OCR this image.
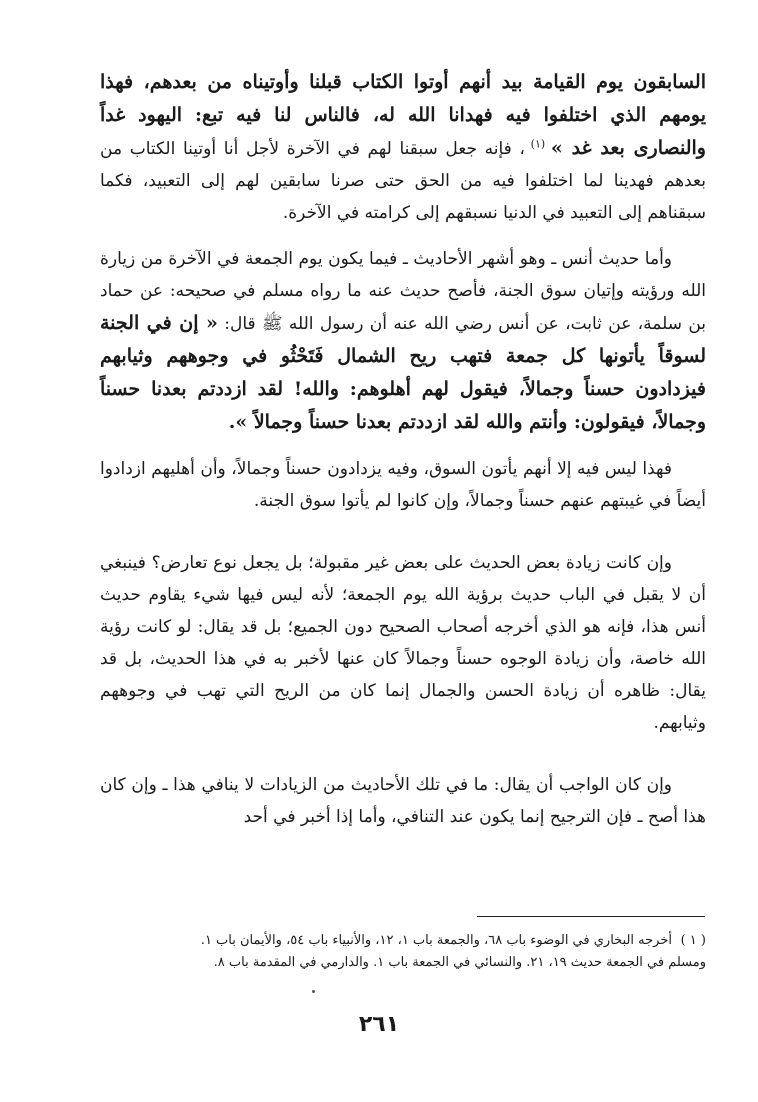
السابقون يوم القيامة بيد أنهم أوتوا الكتاب قبلنا وأوتيناه من بعدهم، فهذا يومهم الذي اختلفوا فيه فهدانا الله له، فالناس لنا فيه تبع: اليهود غداً والنصارى بعد غد » $^{(١)}$ ، فإنه جعل سبقنا لهم في الآخرة لأجل أنا أوتينا الكتاب من بعدهم فهدينا لما اختلفوا فيه من الحق حتى صرنا سابقين لهم إلى التعبيد، فكما سبقناهم إلى التعبيد في الدنيا نسبقهم إلى كرامته في الآخرة.

وأما حديث أنس ـ وهو أشهر الأحاديث ـ فيما يكون يوم الجمعة في الآخرة من زيارة الله ورؤيته وإتيان سوق الجنة، فأصح حديث عنه ما رواه مسلم في صحيحه: عن حماد بن سلمة، عن ثابت، عن أنس رضي الله عنه أن رسول الله ﷺ قال: « إن في الجنة لسوقاً يأتونها كل جمعة فتهب ريح الشمال فَتَحْثُو في وجوههم وثيابهم فيزدادون حسناً وجمالاً، فيقول لهم أهلوهم: والله! لقد ازددتم بعدنا حسناً وجمالاً، فيقولون: وأنتم والله لقد ازددتم بعدنا حسناً وجمالاً ».

فهذا ليس فيه إلا أنهم يأتون السوق، وفيه يزدادون حسناً وجمالاً، وأن أهليهم ازدادوا أيضاً في غيبتهم عنهم حسناً وجمالاً، وإن كانوا لم يأتوا سوق الجنة.

وإن كانت زيادة بعض الحديث على بعض غير مقبولة؛ بل يجعل نوع تعارض؟ فينبغي أن لا يقبل في الباب حديث برؤية الله يوم الجمعة؛ لأنه ليس فيها شيء يقاوم حديث أنس هذا، فإنه هو الذي أخرجه أصحاب الصحيح دون الجميع؛ بل قد يقال: لو كانت رؤية الله خاصة، وأن زيادة الوجوه حسناً وجمالاً كان عنها لأخبر به في هذا الحديث، بل قد يقال: ظاهره أن زيادة الحسن والجمال إنما كان من الريح التي تهب في وجوههم وثيابهم.

وإن كان الواجب أن يقال: ما في تلك الأحاديث من الزيادات لا ينافي هذا ـ وإن كان هذا أصح ـ فإن الترجيح إنما يكون عند التنافي، وأما إذا أخبر في أحد

( ١ )أخرجه البخاري في الوضوء باب ٦٨، والجمعة باب ١، ١٢، والأنبياء باب ٥٤، والأيمان باب ١.

ومسلم في الجمعة حديث ١٩، ٢١. والنسائي في الجمعة باب ١. والدارمي في المقدمة باب ٨.

٢٦١
